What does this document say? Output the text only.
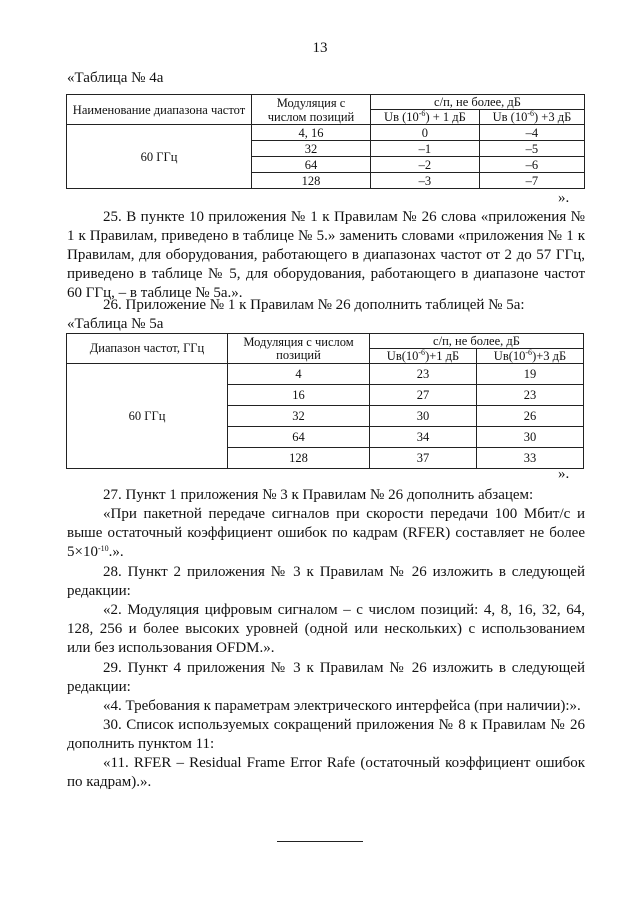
13
«Таблица № 4а
Наименование диапазона частот	Модуляция с числом позиций	с/п, не более, дБ	
		Uв $(10^{-6}) + 1$ дБ	Uв $(10^{-6}) +3$ дБ
60 ГГц	4, 16	0	–4
	32	–1	–5
	64	–2	–6
	128	–3	–7
».
25. В пункте 10 приложения № 1 к Правилам № 26 слова «приложения № 1 к Правилам, приведено в таблице № 5.» заменить словами «приложения № 1 к Правилам, для оборудования, работающего в диапазонах частот от 2 до 57 ГГц, приведено в таблице № 5, для оборудования, работающего в диапазоне частот 60 ГГц, – в таблице № 5а.».
26. Приложение № 1 к Правилам № 26 дополнить таблицей № 5а:
«Таблица № 5а
Диапазон частот, ГГц	Модуляция с числом позиций	с/п, не более, дБ	
		$Uв(10^{-6})+1$ дБ	$Uв(10^{-6})+3$ дБ
60 ГГц	4	23	19
	16	27	23
	32	30	26
	64	34	30
	128	37	33
».
27. Пункт 1 приложения № 3 к Правилам № 26 дополнить абзацем:
«При пакетной передаче сигналов при скорости передачи 100 Мбит/с и выше остаточный коэффициент ошибок по кадрам (RFER) составляет не более $5\times 10^{-10}$.».
28. Пункт 2 приложения № 3 к Правилам № 26 изложить в следующей редакции:
«2. Модуляция цифровым сигналом – с числом позиций: 4, 8, 16, 32, 64, 128, 256 и более высоких уровней (одной или нескольких) с использованием или без использования OFDM.».
29. Пункт 4 приложения № 3 к Правилам № 26 изложить в следующей редакции:
«4. Требования к параметрам электрического интерфейса (при наличии):».
30. Список используемых сокращений приложения № 8 к Правилам № 26 дополнить пунктом 11:
«11. RFER – Residual Frame Error Rafe (остаточный коэффициент ошибок по кадрам).».
